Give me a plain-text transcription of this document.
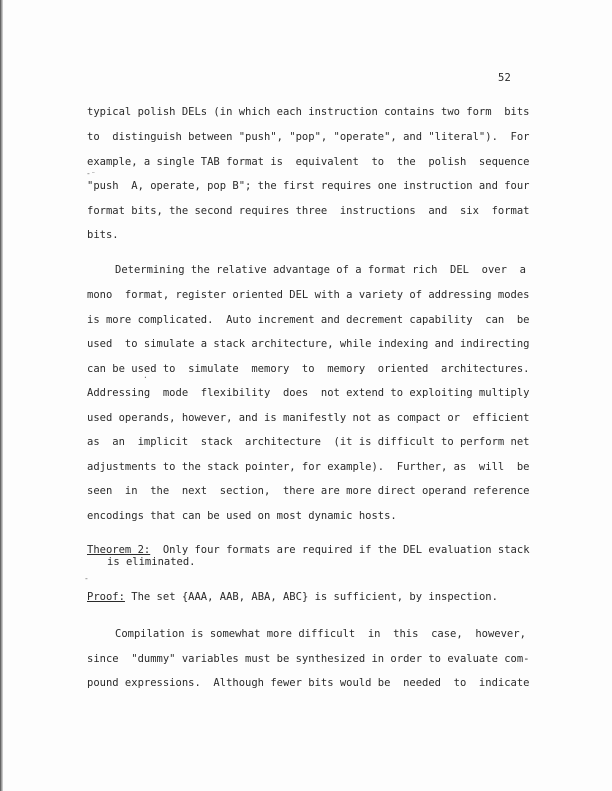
52
typical polish DELs (in which each instruction contains two form  bits
to  distinguish between "push", "pop", "operate", and "literal").  For
example, a single TAB format is  equivalent  to  the  polish  sequence
-⁻
"push  A, operate, pop B"; the first requires one instruction and four
format bits, the second requires three  instructions  and  six  format
bits.
Determining the relative advantage of a format rich  DEL  over  a
mono  format, register oriented DEL with a variety of addressing modes
is more complicated.  Auto increment and decrement capability  can  be
used  to simulate a stack architecture, while indexing and indirecting
can be used to  simulate  memory  to  memory  oriented  architectures.
·
Addressing  mode  flexibility  does  not extend to exploiting multiply
used operands, however, and is manifestly not as compact or  efficient
as  an  implicit  stack  architecture  (it is difficult to perform net
adjustments to the stack pointer, for example).  Further, as  will  be
seen  in  the  next  section,  there are more direct operand reference
encodings that can be used on most dynamic hosts.
Theorem 2:  Only four formats are required if the DEL evaluation stack
is eliminated.
-
Proof: The set {AAA, AAB, ABA, ABC} is sufficient, by inspection.
Compilation is somewhat more difficult  in  this  case,  however,
since  "dummy" variables must be synthesized in order to evaluate com-
pound expressions.  Although fewer bits would be  needed  to  indicate
